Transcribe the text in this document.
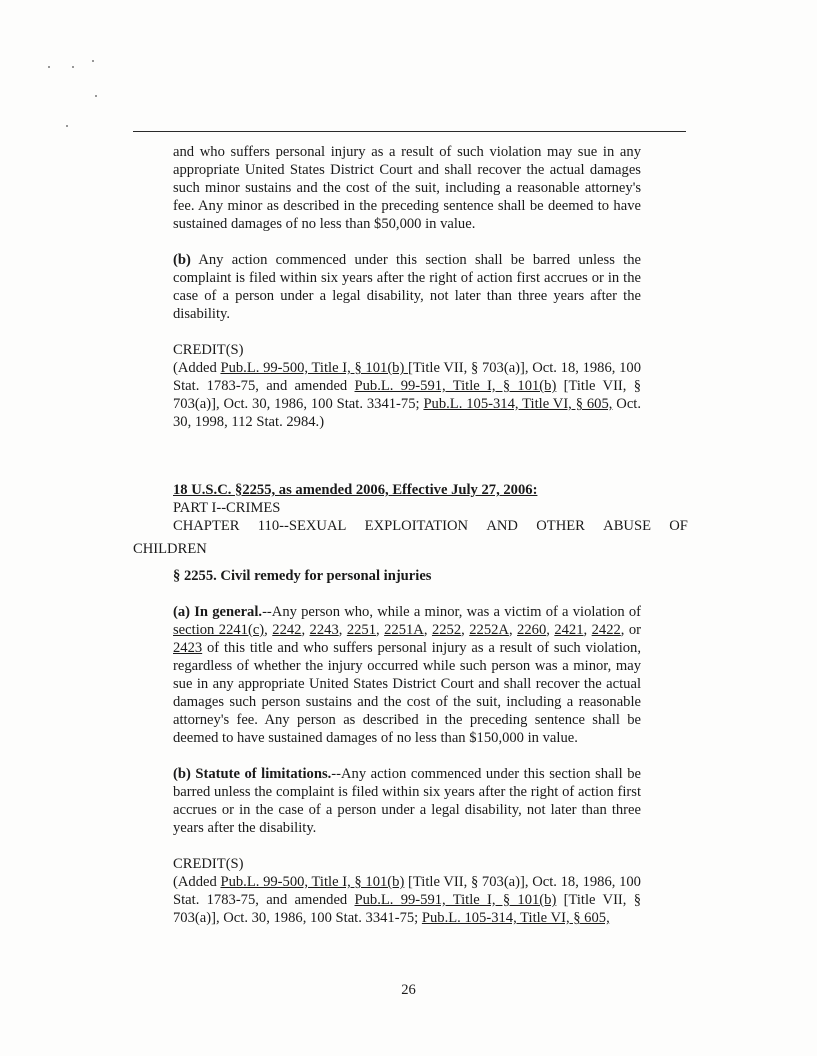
and who suffers personal injury as a result of such violation may sue in any appropriate United States District Court and shall recover the actual damages such minor sustains and the cost of the suit, including a reasonable attorney's fee. Any minor as described in the preceding sentence shall be deemed to have sustained damages of no less than $50,000 in value.

(b) Any action commenced under this section shall be barred unless the complaint is filed within six years after the right of action first accrues or in the case of a person under a legal disability, not later than three years after the disability.

CREDIT(S)

(Added Pub.L. 99-500, Title I, § 101(b) [Title VII, § 703(a)], Oct. 18, 1986, 100 Stat. 1783-75, and amended Pub.L. 99-591, Title I, § 101(b) [Title VII, § 703(a)], Oct. 30, 1986, 100 Stat. 3341-75; Pub.L. 105-314, Title VI, § 605, Oct. 30, 1998, 112 Stat. 2984.)

18 U.S.C. §2255, as amended 2006, Effective July 27, 2006:

PART I--CRIMES

CHAPTER 110--SEXUAL EXPLOITATION AND OTHER ABUSE OF
CHILDREN

§ 2255. Civil remedy for personal injuries

(a) In general.--Any person who, while a minor, was a victim of a violation of section 2241(c), 2242, 2243, 2251, 2251A, 2252, 2252A, 2260, 2421, 2422, or 2423 of this title and who suffers personal injury as a result of such violation, regardless of whether the injury occurred while such person was a minor, may sue in any appropriate United States District Court and shall recover the actual damages such person sustains and the cost of the suit, including a reasonable attorney's fee. Any person as described in the preceding sentence shall be deemed to have sustained damages of no less than $150,000 in value.

(b) Statute of limitations.--Any action commenced under this section shall be barred unless the complaint is filed within six years after the right of action first accrues or in the case of a person under a legal disability, not later than three years after the disability.

CREDIT(S)

(Added Pub.L. 99-500, Title I, § 101(b) [Title VII, § 703(a)], Oct. 18, 1986, 100 Stat. 1783-75, and amended Pub.L. 99-591, Title I, § 101(b) [Title VII, § 703(a)], Oct. 30, 1986, 100 Stat. 3341-75; Pub.L. 105-314, Title VI, § 605,

26
